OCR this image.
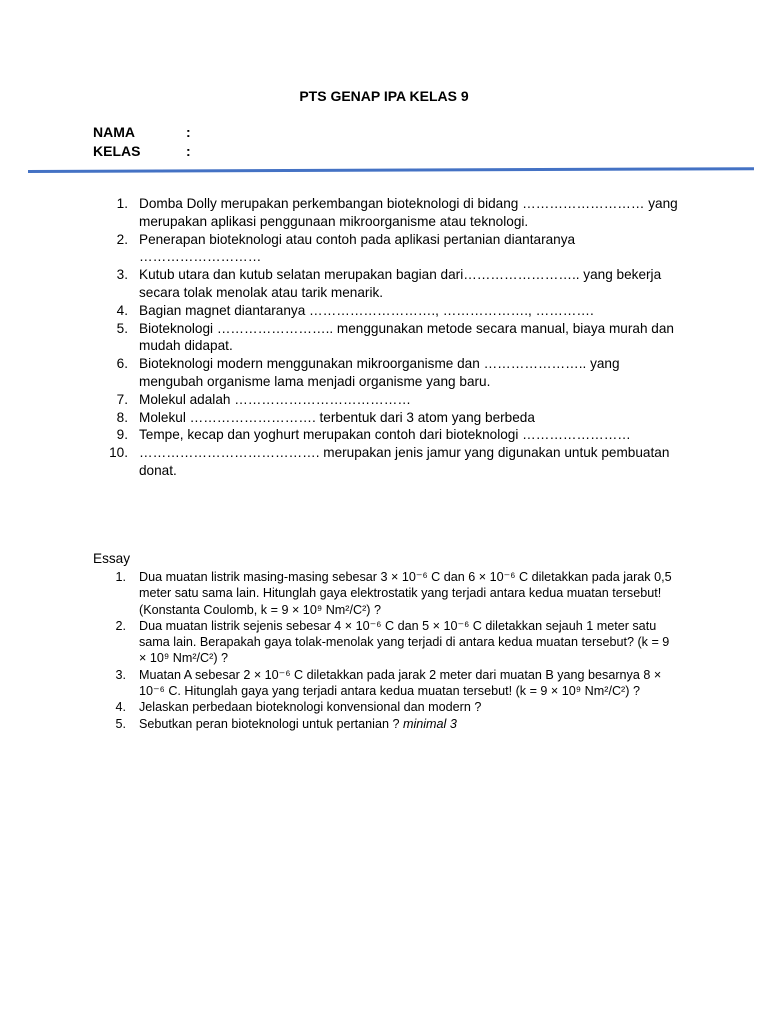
PTS GENAP IPA KELAS 9
NAMA	:
KELAS	:
1. Domba Dolly merupakan perkembangan bioteknologi di bidang ……………………… yang merupakan aplikasi penggunaan mikroorganisme atau teknologi.
2. Penerapan bioteknologi atau contoh pada aplikasi pertanian diantaranya ………………………
3. Kutub utara dan kutub selatan merupakan bagian dari…………………….. yang bekerja secara tolak menolak atau tarik menarik.
4. Bagian magnet diantaranya ………………………., ………………., ………….
5. Bioteknologi …………………….. menggunakan metode secara manual, biaya murah dan mudah didapat.
6. Bioteknologi modern menggunakan mikroorganisme dan ………………….. yang mengubah organisme lama menjadi organisme yang baru.
7. Molekul adalah …………………………………
8. Molekul ………………………. terbentuk dari 3 atom yang berbeda
9. Tempe, kecap dan yoghurt merupakan contoh dari bioteknologi ……………………
10. …………………………………. merupakan jenis jamur yang digunakan untuk pembuatan donat.
Essay
1. Dua muatan listrik masing-masing sebesar 3 × 10⁻⁶ C dan 6 × 10⁻⁶ C diletakkan pada jarak 0,5 meter satu sama lain. Hitunglah gaya elektrostatik yang terjadi antara kedua muatan tersebut! (Konstanta Coulomb, k = 9 × 10⁹ Nm²/C²) ?
2. Dua muatan listrik sejenis sebesar 4 × 10⁻⁶ C dan 5 × 10⁻⁶ C diletakkan sejauh 1 meter satu sama lain. Berapakah gaya tolak-menolak yang terjadi di antara kedua muatan tersebut? (k = 9 × 10⁹ Nm²/C²) ?
3. Muatan A sebesar 2 × 10⁻⁶ C diletakkan pada jarak 2 meter dari muatan B yang besarnya 8 × 10⁻⁶ C. Hitunglah gaya yang terjadi antara kedua muatan tersebut! (k = 9 × 10⁹ Nm²/C²) ?
4. Jelaskan perbedaan bioteknologi konvensional dan modern ?
5. Sebutkan peran bioteknologi untuk pertanian ? minimal 3
